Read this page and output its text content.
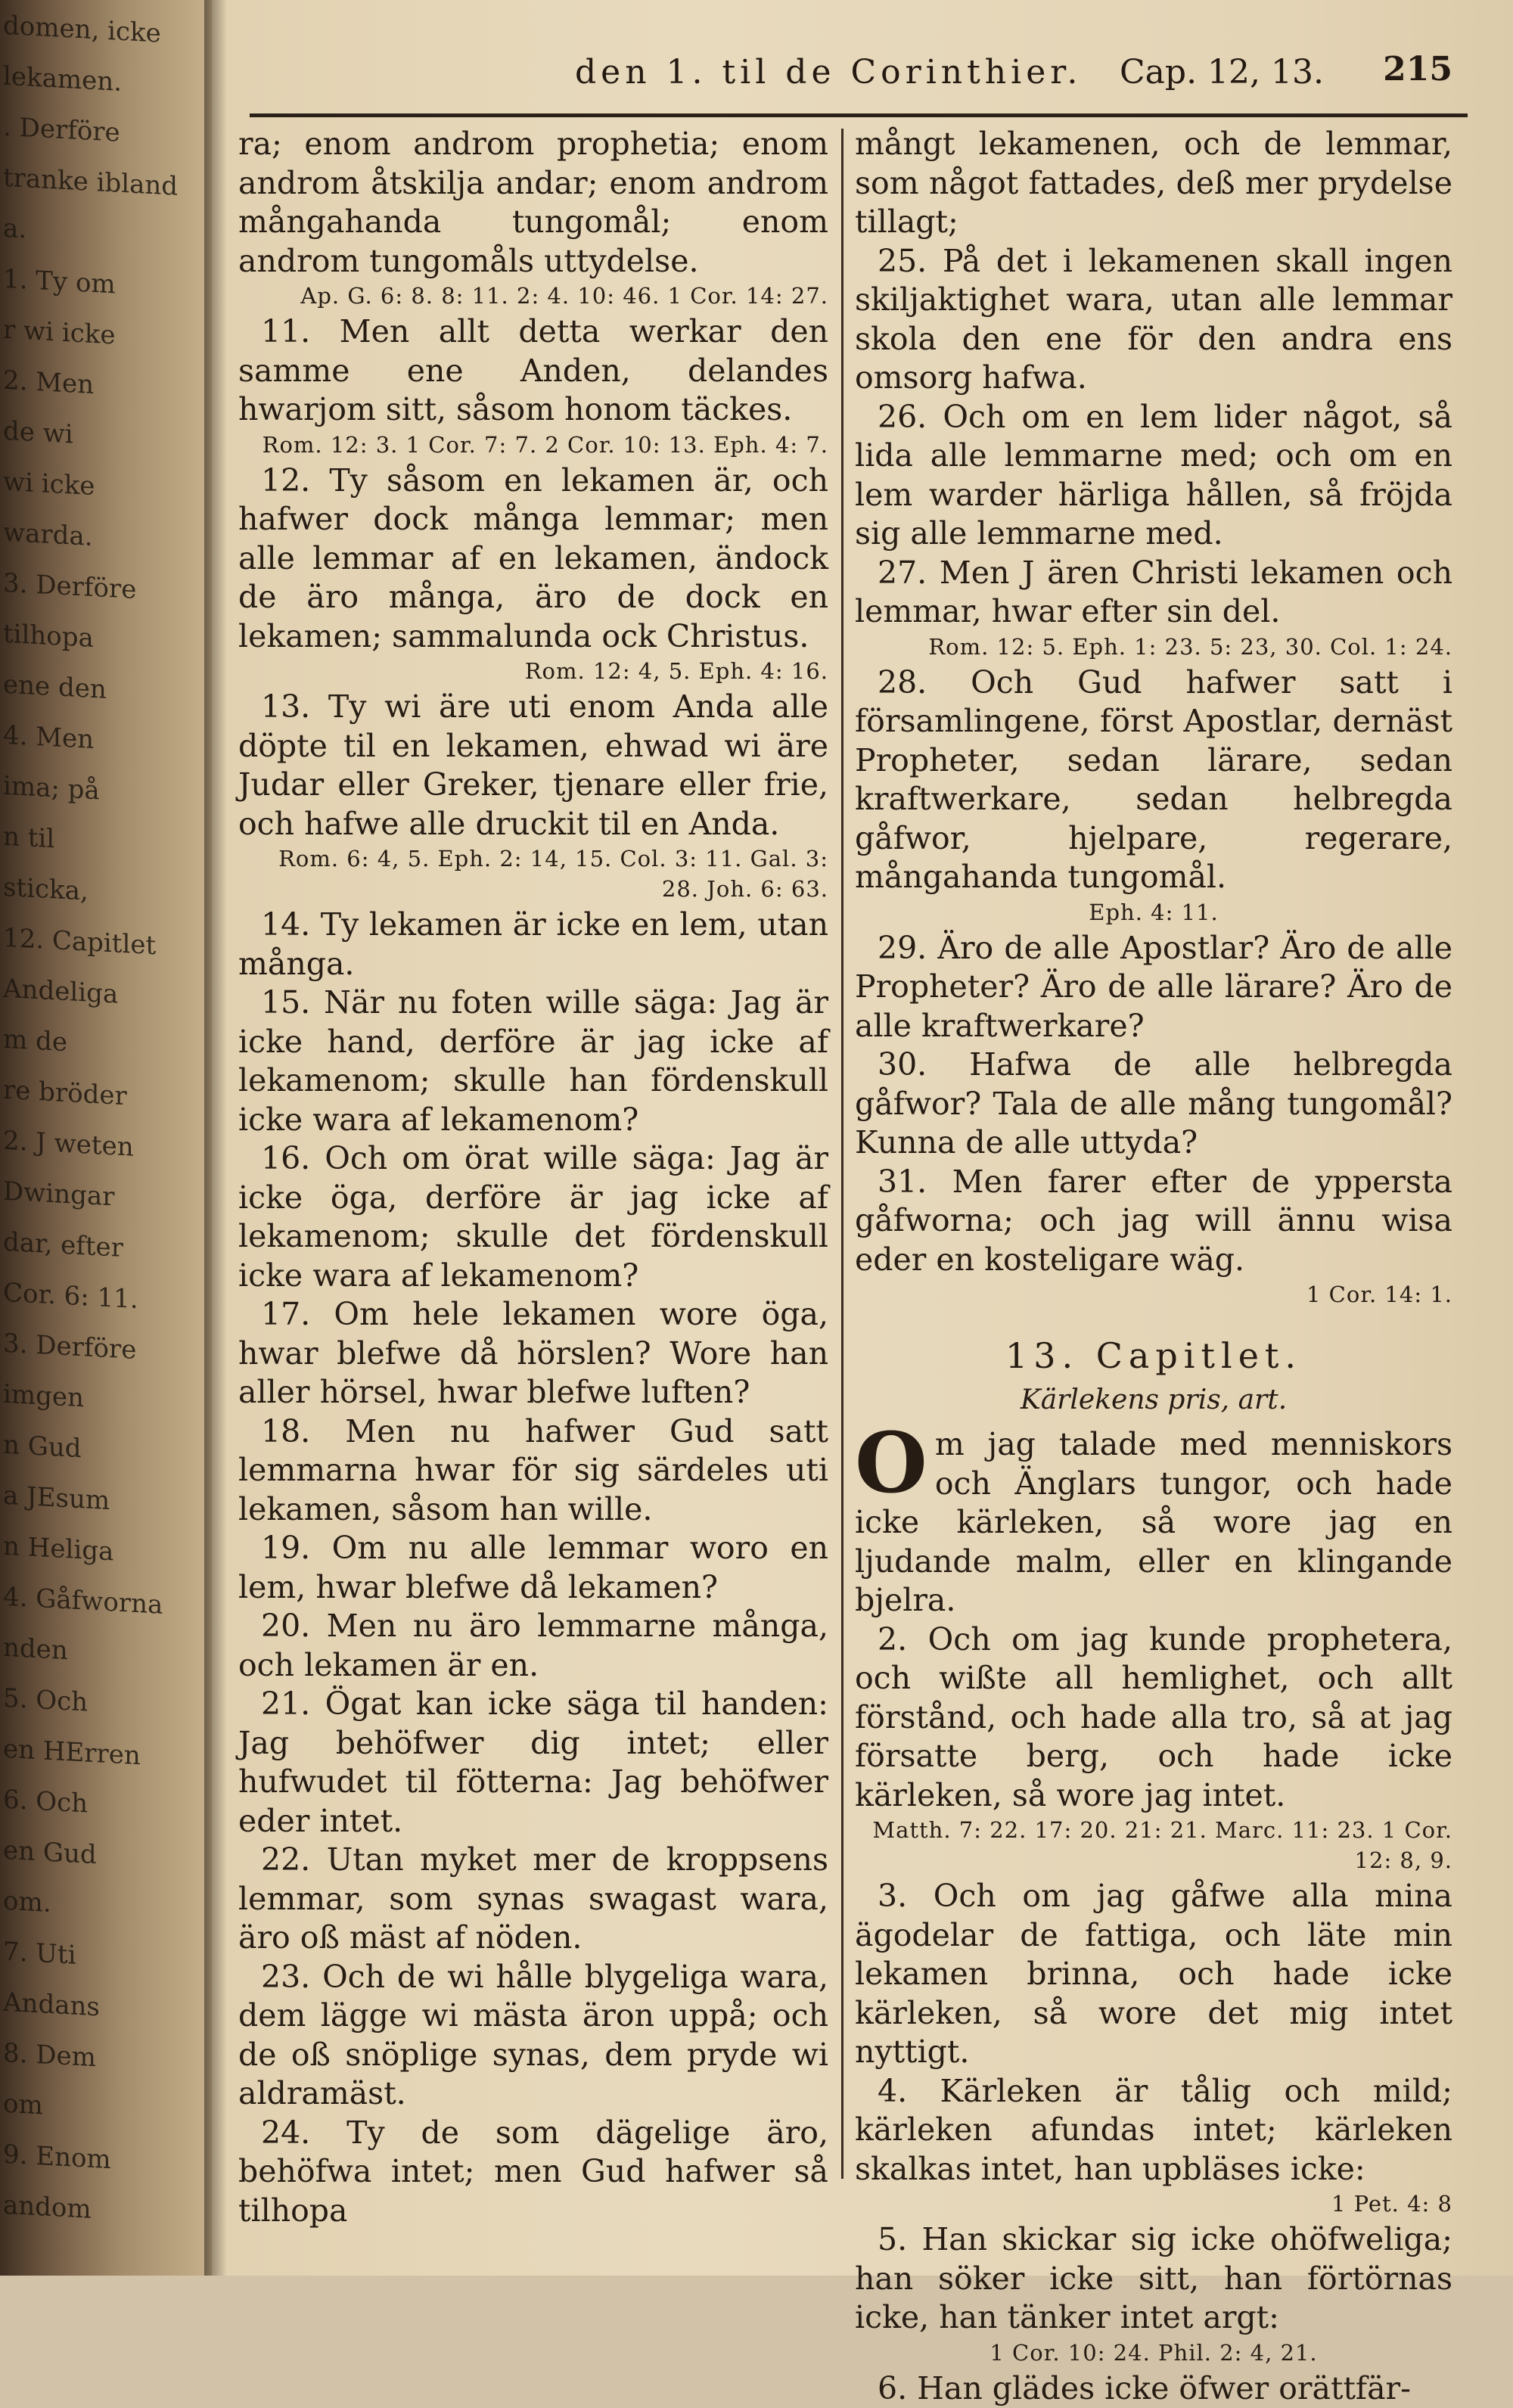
domen, icke
lekamen.
. Derföre
tranke ibland
a.
1. Ty om
r wi icke
2. Men
de wi
wi icke
warda.
3. Derföre
tilhopa
ene den
4. Men
ima; på
n til
sticka,
12. Capitlet
Andeliga
m de
re bröder
2. J weten
Dwingar
dar, efter
Cor. 6: 11.
3. Derföre
imgen
n Gud
a JEsum
n Heliga
4. Gåfworna
nden
5. Och
en HErren
6. Och
en Gud
om.
7. Uti
Andans
8. Dem
om
9. Enom
andom
den 1. til de Corinthier. Cap. 12, 13. 215

ra; enom androm prophetia; enom androm åtskilja andar; enom androm mångahanda tungomål; enom androm tungomåls uttydelse.

Ap. G. 6: 8. 8: 11. 2: 4. 10: 46. 1 Cor. 14: 27.

11. Men allt detta werkar den samme ene Anden, delandes hwarjom sitt, såsom honom täckes.

Rom. 12: 3. 1 Cor. 7: 7. 2 Cor. 10: 13. Eph. 4: 7.

12. Ty såsom en lekamen är, och hafwer dock många lemmar; men alle lemmar af en lekamen, ändock de äro många, äro de dock en lekamen; sammalunda ock Christus.

Rom. 12: 4, 5. Eph. 4: 16.

13. Ty wi äre uti enom Anda alle döpte til en lekamen, ehwad wi äre Judar eller Greker, tjenare eller frie, och hafwe alle druckit til en Anda.

Rom. 6: 4, 5. Eph. 2: 14, 15. Col. 3: 11. Gal. 3: 28. Joh. 6: 63.

14. Ty lekamen är icke en lem, utan många.

15. När nu foten wille säga: Jag är icke hand, derföre är jag icke af lekamenom; skulle han fördenskull icke wara af lekamenom?

16. Och om örat wille säga: Jag är icke öga, derföre är jag icke af lekamenom; skulle det fördenskull icke wara af lekamenom?

17. Om hele lekamen wore öga, hwar blefwe då hörslen? Wore han aller hörsel, hwar blefwe luften?

18. Men nu hafwer Gud satt lemmarna hwar för sig särdeles uti lekamen, såsom han wille.

19. Om nu alle lemmar woro en lem, hwar blefwe då lekamen?

20. Men nu äro lemmarne många, och lekamen är en.

21. Ögat kan icke säga til handen: Jag behöfwer dig intet; eller hufwudet til fötterna: Jag behöfwer eder intet.

22. Utan myket mer de kroppsens lemmar, som synas swagast wara, äro oß mäst af nöden.

23. Och de wi hålle blygeliga wara, dem lägge wi mästa äron uppå; och de oß snöplige synas, dem pryde wi aldramäst.

24. Ty de som dägelige äro, behöfwa intet; men Gud hafwer så tilhopa

mångt lekamenen, och de lemmar, som något fattades, deß mer prydelse tillagt;

25. På det i lekamenen skall ingen skiljaktighet wara, utan alle lemmar skola den ene för den andra ens omsorg hafwa.

26. Och om en lem lider något, så lida alle lemmarne med; och om en lem warder härliga hållen, så fröjda sig alle lemmarne med.

27. Men J ären Christi lekamen och lemmar, hwar efter sin del.

Rom. 12: 5. Eph. 1: 23. 5: 23, 30. Col. 1: 24.

28. Och Gud hafwer satt i församlingene, först Apostlar, dernäst Propheter, sedan lärare, sedan kraftwerkare, sedan helbregda gåfwor, hjelpare, regerare, mångahanda tungomål.

Eph. 4: 11.

29. Äro de alle Apostlar? Äro de alle Propheter? Äro de alle lärare? Äro de alle kraftwerkare?

30. Hafwa de alle helbregda gåfwor? Tala de alle mång tungomål? Kunna de alle uttyda?

31. Men farer efter de yppersta gåfworna; och jag will ännu wisa eder en kosteligare wäg.

1 Cor. 14: 1.
13. Capitlet.
Kärlekens pris, art.

Om jag talade med menniskors och Änglars tungor, och hade icke kärleken, så wore jag en ljudande malm, eller en klingande bjelra.

2. Och om jag kunde prophetera, och wißte all hemlighet, och allt förstånd, och hade alla tro, så at jag försatte berg, och hade icke kärleken, så wore jag intet.

Matth. 7: 22. 17: 20. 21: 21. Marc. 11: 23. 1 Cor. 12: 8, 9.

3. Och om jag gåfwe alla mina ägodelar de fattiga, och läte min lekamen brinna, och hade icke kärleken, så wore det mig intet nyttigt.

4. Kärleken är tålig och mild; kärleken afundas intet; kärleken skalkas intet, han upbläses icke:

1 Pet. 4: 8

5. Han skickar sig icke ohöfweliga; han söker icke sitt, han förtörnas icke, han tänker intet argt:

1 Cor. 10: 24. Phil. 2: 4, 21.

6. Han glädes icke öfwer orättfär-
